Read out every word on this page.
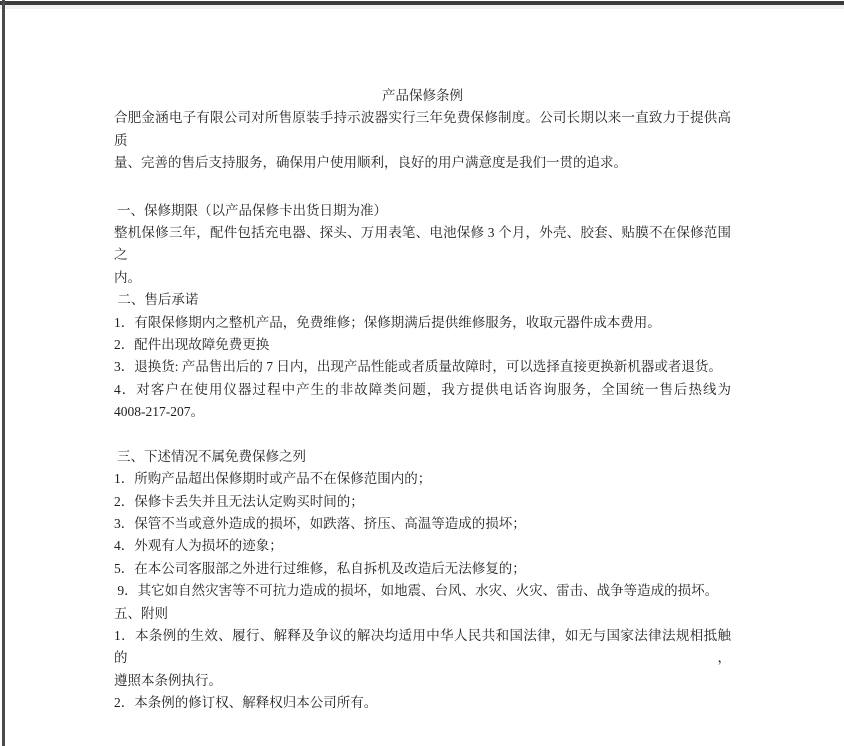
产品保修条例
合肥金涵电子有限公司对所售原装手持示波器实行三年免费保修制度。公司长期以来一直致力于提供高质
量、完善的售后支持服务，确保用户使用顺利，良好的用户满意度是我们一贯的追求。
一、保修期限（以产品保修卡出货日期为准）
整机保修三年，配件包括充电器、探头、万用表笔、电池保修 3 个月，外壳、胶套、贴膜不在保修范围之
内。
二、售后承诺
1．有限保修期内之整机产品，免费维修；保修期满后提供维修服务，收取元器件成本费用。
2．配件出现故障免费更换
3．退换货: 产品售出后的 7 日内，出现产品性能或者质量故障时，可以选择直接更换新机器或者退货。
4．对客户在使用仪器过程中产生的非故障类问题，我方提供电话咨询服务，全国统一售后热线为
4008-217-207。
三、下述情况不属免费保修之列
1．所购产品超出保修期时或产品不在保修范围内的；
2．保修卡丢失并且无法认定购买时间的；
3．保管不当或意外造成的损坏，如跌落、挤压、高温等造成的损坏；
4．外观有人为损坏的迹象；
5．在本公司客服部之外进行过维修，私自拆机及改造后无法修复的；
9．其它如自然灾害等不可抗力造成的损坏，如地震、台风、水灾、火灾、雷击、战争等造成的损坏。
五、附则
1．本条例的生效、履行、解释及争议的解决均适用中华人民共和国法律，如无与国家法律法规相抵触的，
遵照本条例执行。
2．本条例的修订权、解释权归本公司所有。
